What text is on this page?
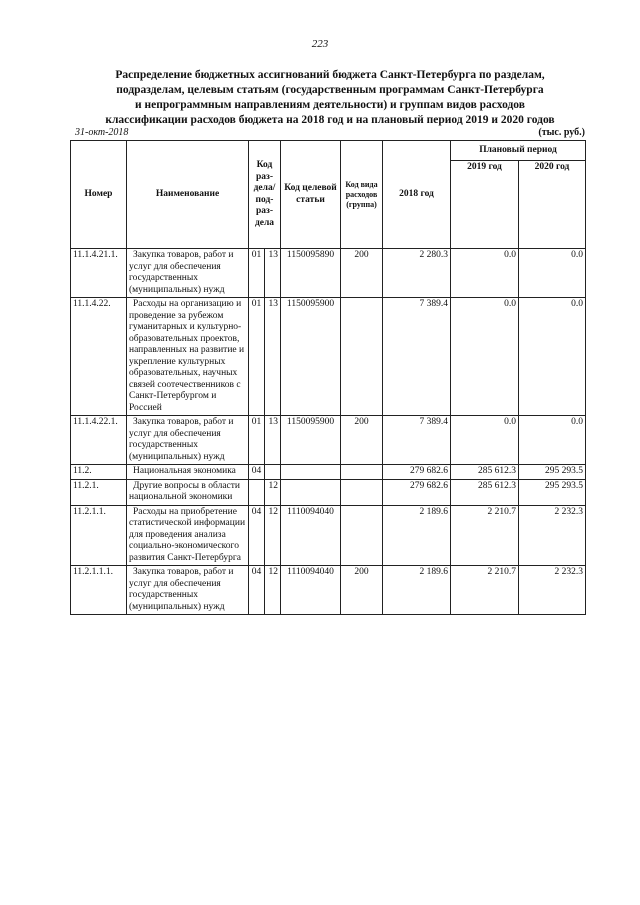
223
Распределение бюджетных ассигнований бюджета Санкт-Петербурга по разделам,
подразделам, целевым статьям (государственным программам Санкт-Петербурга
и непрограммным направлениям деятельности) и группам видов расходов
классификации расходов бюджета на 2018 год и на плановый период 2019 и 2020 годов
31-окт-2018	(тыс. руб.)
Номер	Наименование	Код раз-дела/ под-раз-дела		Код целевой статьи	Код вида расходов (группа)	2018 год	Плановый период	
							2019 год	2020 год
11.1.4.21.1.	Закупка товаров, работ и услуг для обеспечения государственных (муниципальных) нужд	01	13	1150095890	200	2 280.3	0.0	0.0
11.1.4.22.	Расходы на организацию и проведение за рубежом гуманитарных и культурно-образовательных проектов, направленных на развитие и укрепление культурных образовательных, научных связей соотечественников с Санкт-Петербургом и Россией	01	13	1150095900		7 389.4	0.0	0.0
11.1.4.22.1.	Закупка товаров, работ и услуг для обеспечения государственных (муниципальных) нужд	01	13	1150095900	200	7 389.4	0.0	0.0
11.2.	Национальная экономика	04				279 682.6	285 612.3	295 293.5
11.2.1.	Другие вопросы в области национальной экономики		12			279 682.6	285 612.3	295 293.5
11.2.1.1.	Расходы на приобретение статистической информации для проведения анализа социально-экономического развития Санкт-Петербурга	04	12	1110094040		2 189.6	2 210.7	2 232.3
11.2.1.1.1.	Закупка товаров, работ и услуг для обеспечения государственных (муниципальных) нужд	04	12	1110094040	200	2 189.6	2 210.7	2 232.3
